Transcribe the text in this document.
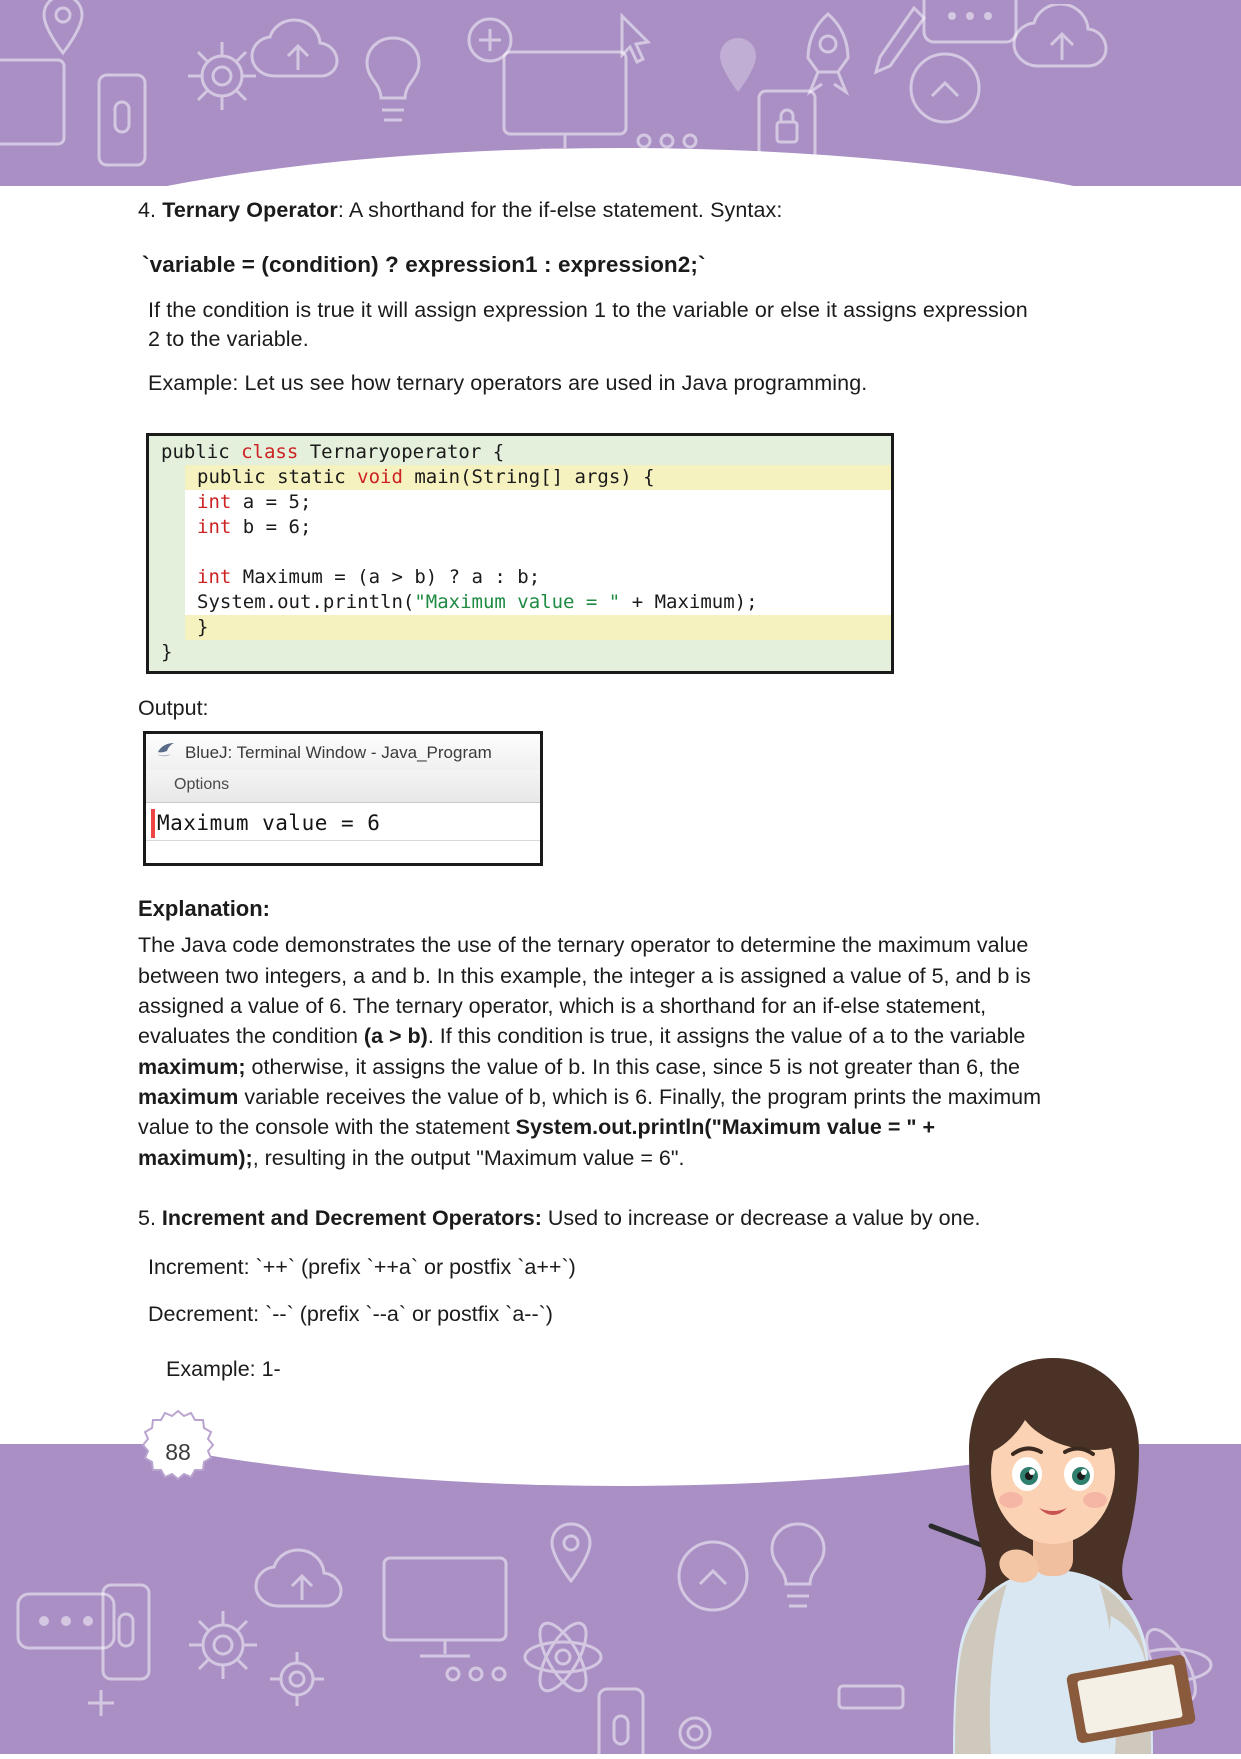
88

4. Ternary Operator: A shorthand for the if-else statement. Syntax:

`variable = (condition) ? expression1 : expression2;`

If the condition is true it will assign expression 1 to the variable or else it assigns expression 2 to the variable.

Example: Let us see how ternary operators are used in Java programming.

public class Ternaryoperator {
public static void main(String[] args) {
int a = 5;
int b = 6;

int Maximum = (a > b) ? a : b;
System.out.println("Maximum value = " + Maximum);
}
}

Output:

BlueJ: Terminal Window - Java_Program
Options
Maximum value = 6

Explanation:

The Java code demonstrates the use of the ternary operator to determine the maximum value between two integers, a and b. In this example, the integer a is assigned a value of 5, and b is assigned a value of 6. The ternary operator, which is a shorthand for an if-else statement, evaluates the condition (a > b). If this condition is true, it assigns the value of a to the variable maximum; otherwise, it assigns the value of b. In this case, since 5 is not greater than 6, the maximum variable receives the value of b, which is 6. Finally, the program prints the maximum value to the console with the statement System.out.println("Maximum value = " + maximum);, resulting in the output "Maximum value = 6".

5. Increment and Decrement Operators: Used to increase or decrease a value by one.

Increment: `++` (prefix `++a` or postfix `a++`)

Decrement: `--` (prefix `--a` or postfix `a--`)

Example: 1-
